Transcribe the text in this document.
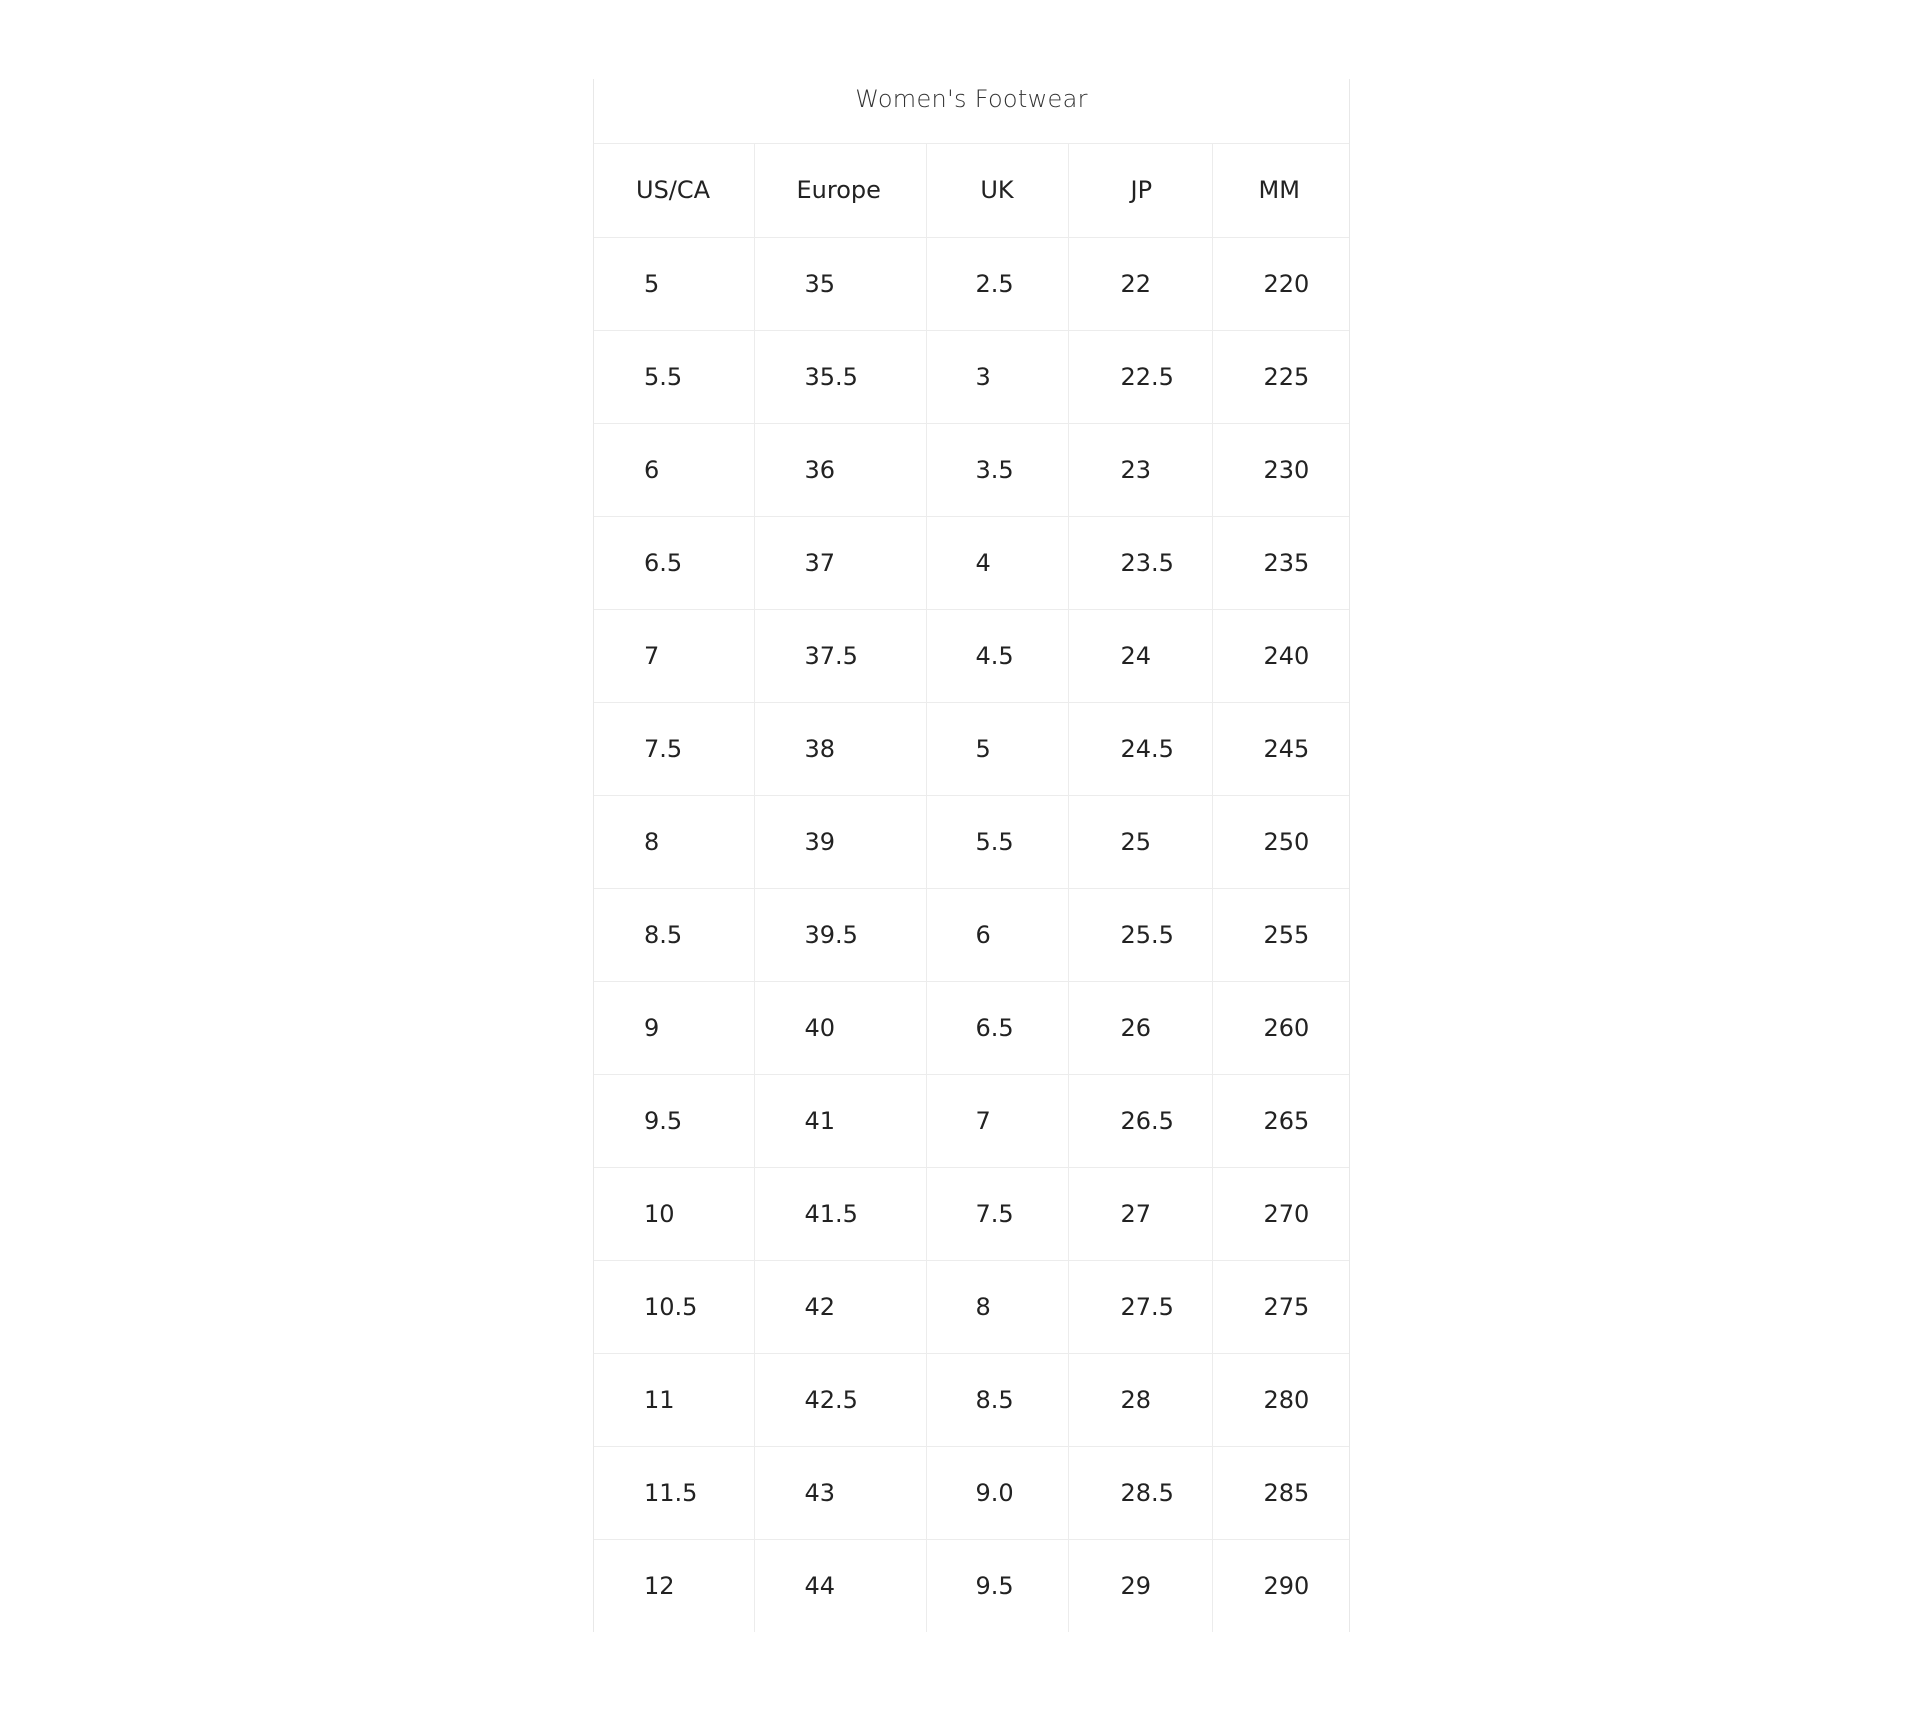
Women's Footwear
US/CA	Europe	UK	JP	MM
5	35	2.5	22	220
5.5	35.5	3	22.5	225
6	36	3.5	23	230
6.5	37	4	23.5	235
7	37.5	4.5	24	240
7.5	38	5	24.5	245
8	39	5.5	25	250
8.5	39.5	6	25.5	255
9	40	6.5	26	260
9.5	41	7	26.5	265
10	41.5	7.5	27	270
10.5	42	8	27.5	275
11	42.5	8.5	28	280
11.5	43	9.0	28.5	285
12	44	9.5	29	290
